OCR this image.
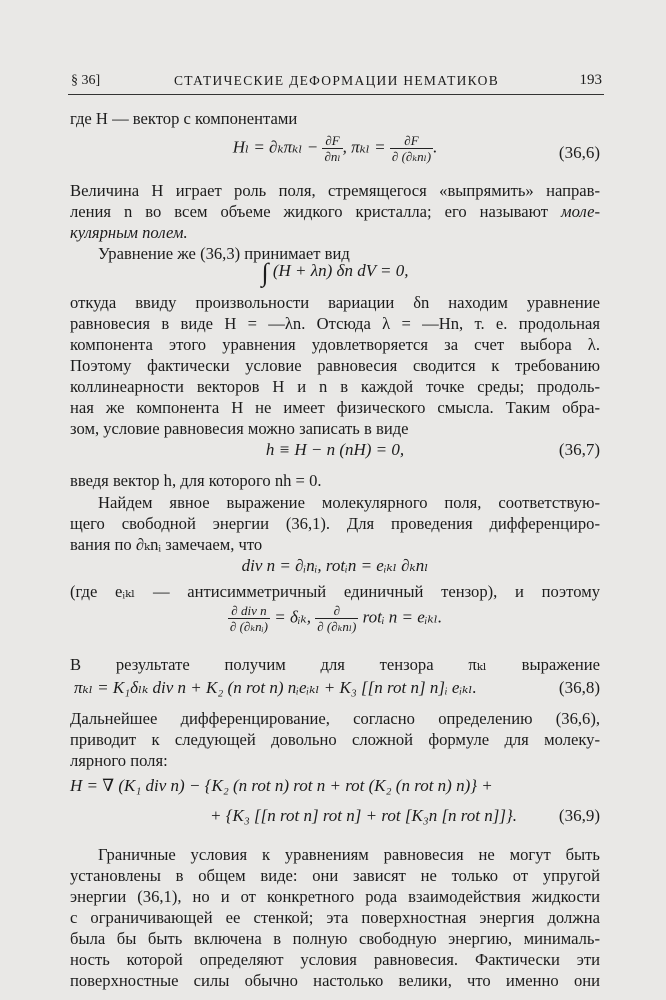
§ 36]	СТАТИЧЕСКИЕ ДЕФОРМАЦИИ НЕМАТИКОВ	193
где H — вектор с компонентами
$H_l = \partial_k\pi_{kl} - \frac{\partial F}{\text{∂nₗ}}$ , $\pi_{kl} = \frac{\partial F}{\text{∂ (∂ₖnₗ)}}$ .	(36,6)
Величина H играет роль поля, стремящегося «выпрямить» направ-
ления n во всем объеме жидкого кристалла; его называют моле-
кулярным полем.
Уравнение же (36,3) принимает вид
∫ (H + λn) δn dV = 0,
откуда ввиду произвольности вариации δn находим уравнение
равновесия в виде H = —λn. Отсюда λ = —Hn, т. е. продольная
компонента этого уравнения удовлетворяется за счет выбора λ.
Поэтому фактически условие равновесия сводится к требованию
коллинеарности векторов H и n в каждой точке среды; продоль-
ная же компонента H не имеет физического смысла. Таким обра-
зом, условие равновесия можно записать в виде
h ≡ H − n (nH) = 0,	(36,7)
введя вектор h, для которого nh = 0.
Найдем явное выражение молекулярного поля, соответствую-
щего свободной энергии (36,1). Для проведения дифференциро-
вания по ∂ₖnᵢ замечаем, что
div n = ∂ᵢnᵢ, rotᵢn = eᵢₖₗ ∂ₖnₗ
(где eᵢₖₗ — антисимметричный единичный тензор), и поэтому
$\frac{\text{∂ div n}}{\text{∂ (∂ₖnᵢ)}}$ = δᵢₖ, $\frac{\partial}{\text{∂ (∂ₖnₗ)}}$ rotᵢ n = eᵢₖₗ.
В результате получим для тензора πₖₗ выражение
πₖₗ = K₁δₗₖ div n + K₂ (n rot n) nᵢeᵢₖₗ + K₃ [[n rot n] n]ᵢ eᵢₖₗ.	(36,8)
Дальнейшее дифференцирование, согласно определению (36,6),
приводит к следующей довольно сложной формуле для молеку-
лярного поля:
H = ∇ (K₁ div n) − {K₂ (n rot n) rot n + rot (K₂ (n rot n) n)} +
+ {K₃ [[n rot n] rot n] + rot [K₃n [n rot n]]}.	(36,9)
Граничные условия к уравнениям равновесия не могут быть
установлены в общем виде: они зависят не только от упругой
энергии (36,1), но и от конкретного рода взаимодействия жидкости
с ограничивающей ее стенкой; эта поверхностная энергия должна
была бы быть включена в полную свободную энергию, минималь-
ность которой определяют условия равновесия. Фактически эти
поверхностные силы обычно настолько велики, что именно они
